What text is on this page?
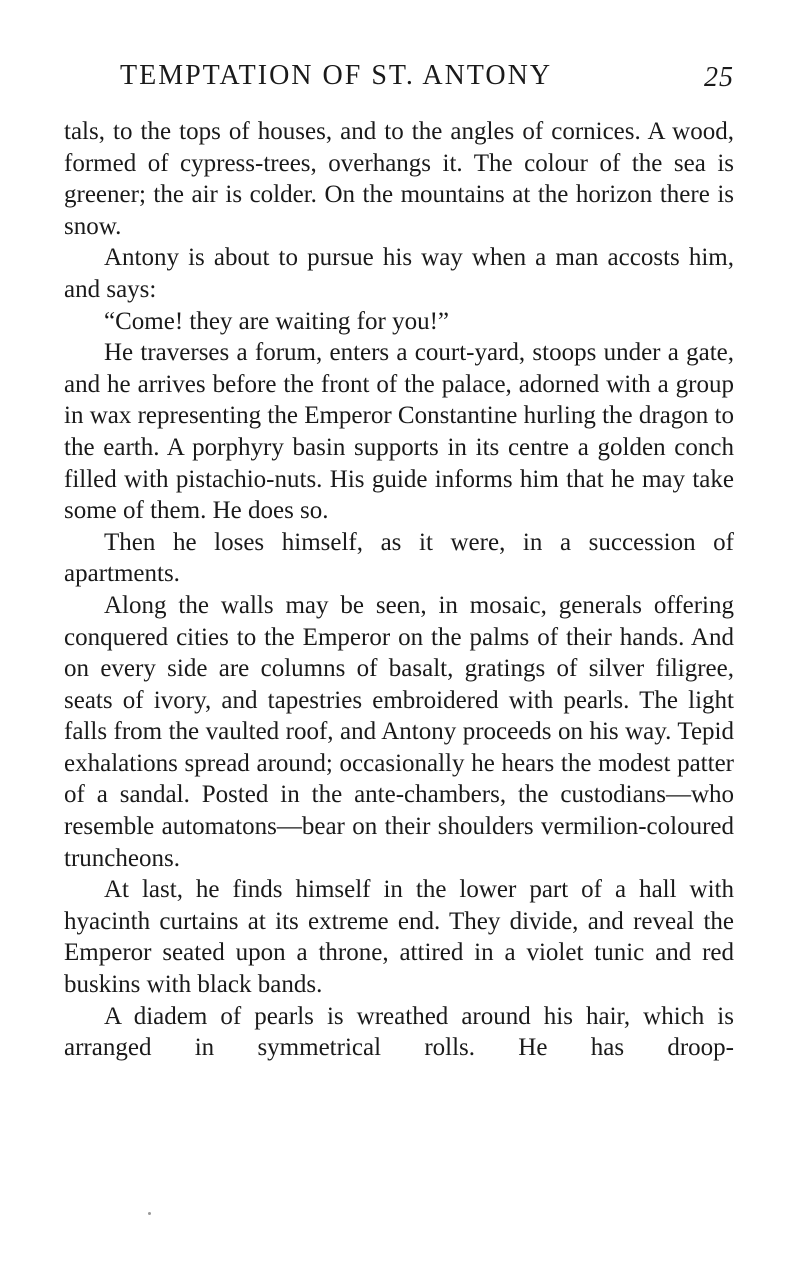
TEMPTATION OF ST. ANTONY	25

tals, to the tops of houses, and to the angles of cornices. A wood, formed of cypress-trees, overhangs it. The colour of the sea is greener; the air is colder. On the mountains at the horizon there is snow.

Antony is about to pursue his way when a man accosts him, and says:

“Come! they are waiting for you!”

He traverses a forum, enters a court-yard, stoops under a gate, and he arrives before the front of the palace, adorned with a group in wax representing the Emperor Constantine hurling the dragon to the earth. A porphyry basin supports in its centre a golden conch filled with pistachio-nuts. His guide informs him that he may take some of them. He does so.

Then he loses himself, as it were, in a succession of apartments.

Along the walls may be seen, in mosaic, generals offering conquered cities to the Emperor on the palms of their hands. And on every side are columns of basalt, gratings of silver filigree, seats of ivory, and tapestries embroidered with pearls. The light falls from the vaulted roof, and Antony proceeds on his way. Tepid exhalations spread around; occasionally he hears the modest patter of a sandal. Posted in the ante-chambers, the custodians—who resemble automatons—bear on their shoulders vermilion-coloured truncheons.

At last, he finds himself in the lower part of a hall with hyacinth curtains at its extreme end. They divide, and reveal the Emperor seated upon a throne, attired in a violet tunic and red buskins with black bands.

A diadem of pearls is wreathed around his hair, which is arranged in symmetrical rolls. He has droop-
